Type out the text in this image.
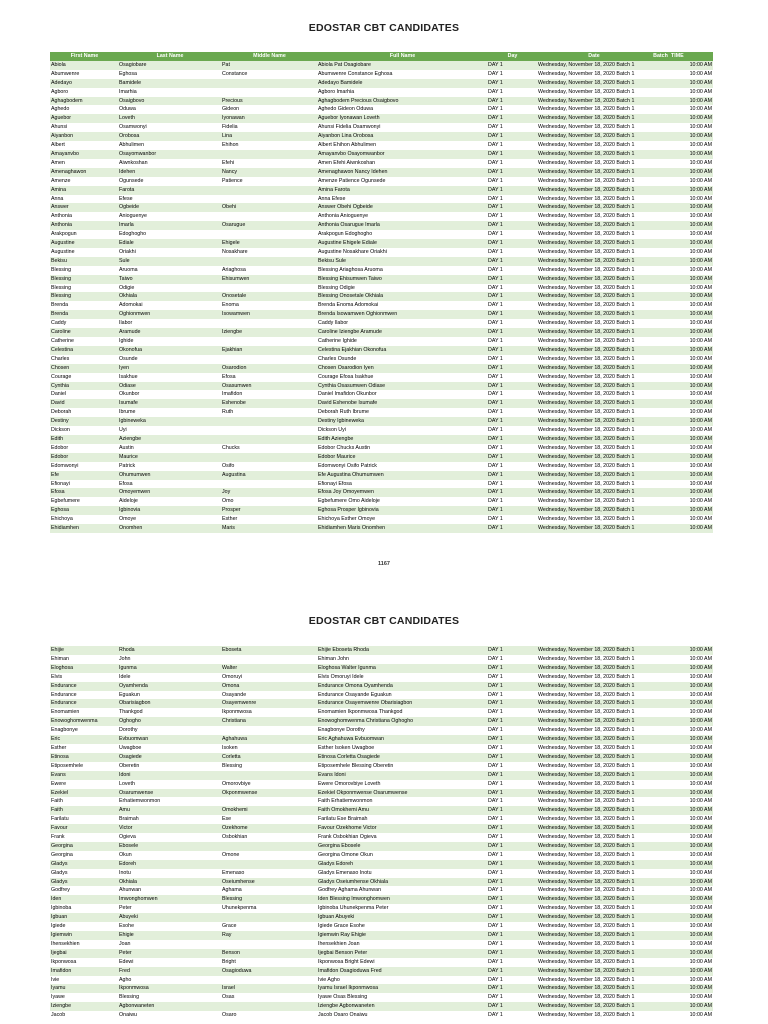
EDOSTAR CBT CANDIDATES
First Name	Last Name	Middle Name	Full Name	Day	Date	Batch	TIME
Abiola	Osagiobare	Pat	Abiola Pat Osagiobare	DAY 1	Wednesday, November 18, 2020 Batch 1		10:00 AM
Abumwenre	Eghosa	Constance	Abumwenre Constance Eghosa	DAY 1	Wednesday, November 18, 2020 Batch 1		10:00 AM
Adedayo	Bamidele		Adedayo Bamidele	DAY 1	Wednesday, November 18, 2020 Batch 1		10:00 AM
Agboro	Imarhia		Agboro Imarhia	DAY 1	Wednesday, November 18, 2020 Batch 1		10:00 AM
Aghagbodem	Osaigbovo	Precious	Aghagbodem Precious Osaigbovo	DAY 1	Wednesday, November 18, 2020 Batch 1		10:00 AM
Aghedo	Oduwa	Gideon	Aghedo Gideon Oduwa	DAY 1	Wednesday, November 18, 2020 Batch 1		10:00 AM
Aguebor	Loveth	Iyonawan	Aguebor Iyonawan Loveth	DAY 1	Wednesday, November 18, 2020 Batch 1		10:00 AM
Ahunsi	Osamwonyi	Fidelia	Ahunsi Fidelia Osamwonyi	DAY 1	Wednesday, November 18, 2020 Batch 1		10:00 AM
Aiyanbon	Orobosa	Lina	Aiyanbon Lina Orobosa	DAY 1	Wednesday, November 18, 2020 Batch 1		10:00 AM
Albert	Abhulimen	Ehihon	Albert Ehihon Abhulimen	DAY 1	Wednesday, November 18, 2020 Batch 1		10:00 AM
Amayanvbo	Osayomwanbor		Amayanvbo Osayomwanbor	DAY 1	Wednesday, November 18, 2020 Batch 1		10:00 AM
Amen	Aiwnkoshan	Efehi	Amen Efehi Aiwnkoshan	DAY 1	Wednesday, November 18, 2020 Batch 1		10:00 AM
Amenaghawon	Idehen	Nancy	Amenaghawon Nancy Idehen	DAY 1	Wednesday, November 18, 2020 Batch 1		10:00 AM
Amenze	Ogunsede	Patience	Amenze Patience Ogunsede	DAY 1	Wednesday, November 18, 2020 Batch 1		10:00 AM
Amina	Farota		Amina Farota	DAY 1	Wednesday, November 18, 2020 Batch 1		10:00 AM
Anna	Efese		Anna Efese	DAY 1	Wednesday, November 18, 2020 Batch 1		10:00 AM
Answer	Ogbeide	Obehi	Answer Obehi Ogbeide	DAY 1	Wednesday, November 18, 2020 Batch 1		10:00 AM
Anthonia	Anioguenye		Anthonia Anioguenye	DAY 1	Wednesday, November 18, 2020 Batch 1		10:00 AM
Anthonia	Imarla	Osarugue	Anthonia Osarugue Imarla	DAY 1	Wednesday, November 18, 2020 Batch 1		10:00 AM
Arakpogun	Edoghogho		Arakpogun Edoghogho	DAY 1	Wednesday, November 18, 2020 Batch 1		10:00 AM
Augustine	Ediale	Ehigele	Augustine Ehigele Ediale	DAY 1	Wednesday, November 18, 2020 Batch 1		10:00 AM
Augustine	Oriakhi	Nosakhare	Augustine Nosakhare Oriakhi	DAY 1	Wednesday, November 18, 2020 Batch 1		10:00 AM
Bekisu	Sule		Bekisu Sule	DAY 1	Wednesday, November 18, 2020 Batch 1		10:00 AM
Blessing	Aruoma	Ariaghosa	Blessing Ariaghosa Aruoma	DAY 1	Wednesday, November 18, 2020 Batch 1		10:00 AM
Blessing	Taiwo	Ehisumwen	Blessing Ehisumwen Taiwo	DAY 1	Wednesday, November 18, 2020 Batch 1		10:00 AM
Blessing	Odigie		Blessing Odigie	DAY 1	Wednesday, November 18, 2020 Batch 1		10:00 AM
Blessing	Okhiala	Onosetale	Blessing Onosetale Okhiala	DAY 1	Wednesday, November 18, 2020 Batch 1		10:00 AM
Brenda	Adomokai	Enoma	Brenda Enoma Adomokai	DAY 1	Wednesday, November 18, 2020 Batch 1		10:00 AM
Brenda	Oghionmwen	Isowamwen	Brenda Isowamwen Oghionmwen	DAY 1	Wednesday, November 18, 2020 Batch 1		10:00 AM
Caddy	Ilabor		Caddy Ilabor	DAY 1	Wednesday, November 18, 2020 Batch 1		10:00 AM
Caroline	Aramude	Iziengbe	Caroline Iziengbe Aramude	DAY 1	Wednesday, November 18, 2020 Batch 1		10:00 AM
Catherine	Ighide		Catherine Ighide	DAY 1	Wednesday, November 18, 2020 Batch 1		10:00 AM
Celestina	Okonofua	Ejakhian	Celestina Ejakhian Okonofua	DAY 1	Wednesday, November 18, 2020 Batch 1		10:00 AM
Charles	Osunde		Charles Osunde	DAY 1	Wednesday, November 18, 2020 Batch 1		10:00 AM
Chosen	Iyen	Osarodion	Chosen Osarodion Iyen	DAY 1	Wednesday, November 18, 2020 Batch 1		10:00 AM
Courage	Isakhue	Efosa	Courage Efosa Isakhue	DAY 1	Wednesday, November 18, 2020 Batch 1		10:00 AM
Cynthia	Odiase	Osasumwen	Cynthia Osasumwen Odiase	DAY 1	Wednesday, November 18, 2020 Batch 1		10:00 AM
Daniel	Okunbor	Imafidon	Daniel Imafidon Okunbor	DAY 1	Wednesday, November 18, 2020 Batch 1		10:00 AM
David	Isumafe	Eshenobe	David Eshenobe Isumafe	DAY 1	Wednesday, November 18, 2020 Batch 1		10:00 AM
Deborah	Ibrume	Ruth	Deborah Ruth Ibrume	DAY 1	Wednesday, November 18, 2020 Batch 1		10:00 AM
Destiny	Igbineweka		Destiny Igbineweka	DAY 1	Wednesday, November 18, 2020 Batch 1		10:00 AM
Dickson	Uyi		Dickson Uyi	DAY 1	Wednesday, November 18, 2020 Batch 1		10:00 AM
Edith	Aziengbe		Edith Aziengbe	DAY 1	Wednesday, November 18, 2020 Batch 1		10:00 AM
Edobor	Austin	Chucks	Edobor Chucks Austin	DAY 1	Wednesday, November 18, 2020 Batch 1		10:00 AM
Edobor	Maurice		Edobor Maurice	DAY 1	Wednesday, November 18, 2020 Batch 1		10:00 AM
Edomwonyi	Patrick	Osifo	Edomwonyi Osifo Patrick	DAY 1	Wednesday, November 18, 2020 Batch 1		10:00 AM
Efe	Ohumumwen	Augustina	Efe Augustina Ohumumwen	DAY 1	Wednesday, November 18, 2020 Batch 1		10:00 AM
Efionayi	Efosa		Efionayi Efosa	DAY 1	Wednesday, November 18, 2020 Batch 1		10:00 AM
Efosa	Omoyemwen	Joy	Efosa Joy Omoyemwen	DAY 1	Wednesday, November 18, 2020 Batch 1		10:00 AM
Egbefumere	Aideloje	Omo	Egbefumere Omo Aideloje	DAY 1	Wednesday, November 18, 2020 Batch 1		10:00 AM
Eghosa	Igbinovia	Prosper	Eghosa Prosper Igbinovia	DAY 1	Wednesday, November 18, 2020 Batch 1		10:00 AM
Ehichoya	Omoye	Esther	Ehichoya Esther Omoye	DAY 1	Wednesday, November 18, 2020 Batch 1		10:00 AM
Ehidiamhen	Onomhen	Maris	Ehidiamhen Maris Onomhen	DAY 1	Wednesday, November 18, 2020 Batch 1		10:00 AM
1167
EDOSTAR CBT CANDIDATES
Ehijie	Rhoda	Eboseta	Ehijie Eboseta Rhoda	DAY 1	Wednesday, November 18, 2020 Batch 1		10:00 AM
Ehiman	John		Ehiman John	DAY 1	Wednesday, November 18, 2020 Batch 1		10:00 AM
Eloghosa	Igunma	Walter	Eloghosa Walter Igunma	DAY 1	Wednesday, November 18, 2020 Batch 1		10:00 AM
Elvis	Idele	Omoruyi	Elvis Omoruyi Idele	DAY 1	Wednesday, November 18, 2020 Batch 1		10:00 AM
Endurance	Oyamhenda	Omona	Endurance Omona Oyamhenda	DAY 1	Wednesday, November 18, 2020 Batch 1		10:00 AM
Endurance	Eguakun	Osayande	Endurance Osayande Eguakun	DAY 1	Wednesday, November 18, 2020 Batch 1		10:00 AM
Endurance	Obarisiagbon	Osayemwenre	Endurance Osayemwenre Obarisiagbon	DAY 1	Wednesday, November 18, 2020 Batch 1		10:00 AM
Enomamien	Thankgod	Ikponmwosa	Enomamien Ikponmwosa Thankgod	DAY 1	Wednesday, November 18, 2020 Batch 1		10:00 AM
Enowoghomwenma	Oghogho	Christiana	Enowoghomwenma Christiana Oghogho	DAY 1	Wednesday, November 18, 2020 Batch 1		10:00 AM
Enagbonye	Dorothy		Enagbonye Dorothy	DAY 1	Wednesday, November 18, 2020 Batch 1		10:00 AM
Eric	Evbuomwan	Aghahuwa	Eric Aghahuwa Evbuomwan	DAY 1	Wednesday, November 18, 2020 Batch 1		10:00 AM
Esther	Uwagboe	Isoken	Esther Isoken Uwagboe	DAY 1	Wednesday, November 18, 2020 Batch 1		10:00 AM
Etinosa	Osagiede	Corletta	Etinosa Corletta Osagiede	DAY 1	Wednesday, November 18, 2020 Batch 1		10:00 AM
Etiposemhele	Oberetin	Blessing	Etiposemhele Blessing Oberetin	DAY 1	Wednesday, November 18, 2020 Batch 1		10:00 AM
Evans	Idoni		Evans Idoni	DAY 1	Wednesday, November 18, 2020 Batch 1		10:00 AM
Ewere	Loveth	Omorovbiye	Ewere Omorovbiye Loveth	DAY 1	Wednesday, November 18, 2020 Batch 1		10:00 AM
Ezekiel	Osarumwense	Okponmwense	Ezekiel Okponmwense Osarumwense	DAY 1	Wednesday, November 18, 2020 Batch 1		10:00 AM
Faith	Erhatiemwonmon		Faith Erhatiemwonmon	DAY 1	Wednesday, November 18, 2020 Batch 1		10:00 AM
Faith	Amu	Omokhemi	Faith Omokhemi Amu	DAY 1	Wednesday, November 18, 2020 Batch 1		10:00 AM
Farilatu	Braimah	Ese	Farilatu Ese Braimah	DAY 1	Wednesday, November 18, 2020 Batch 1		10:00 AM
Favour	Victor	Ozekhome	Favour Ozekhome Victor	DAY 1	Wednesday, November 18, 2020 Batch 1		10:00 AM
Frank	Ogieva	Osbokhian	Frank Osbokhian Ogieva	DAY 1	Wednesday, November 18, 2020 Batch 1		10:00 AM
Georgina	Ebosele		Georgina Ebosele	DAY 1	Wednesday, November 18, 2020 Batch 1		10:00 AM
Georgina	Okun	Omone	Georgina Omone Okun	DAY 1	Wednesday, November 18, 2020 Batch 1		10:00 AM
Gladys	Edoreh		Gladys Edoreh	DAY 1	Wednesday, November 18, 2020 Batch 1		10:00 AM
Gladys	Inotu	Emenaso	Gladys Emenaso Inotu	DAY 1	Wednesday, November 18, 2020 Batch 1		10:00 AM
Gladys	Okhiala	Oseiumhense	Gladys Oseiumhense Okhiala	DAY 1	Wednesday, November 18, 2020 Batch 1		10:00 AM
Godfrey	Ahunwan	Aghama	Godfrey Aghama Ahunwan	DAY 1	Wednesday, November 18, 2020 Batch 1		10:00 AM
Iden	Imwonghomwen	Blessing	Iden Blessing Imwonghomwen	DAY 1	Wednesday, November 18, 2020 Batch 1		10:00 AM
Igbinoba	Peter	Uhunekpenma	Igbinoba Uhunekpenma Peter	DAY 1	Wednesday, November 18, 2020 Batch 1		10:00 AM
Igbuan	Abuyeki		Igbuan Abuyeki	DAY 1	Wednesday, November 18, 2020 Batch 1		10:00 AM
Igiede	Esohe	Grace	Igiede Grace Esohe	DAY 1	Wednesday, November 18, 2020 Batch 1		10:00 AM
Igiemwin	Ehigie	Ray	Igiemwin Ray Ehigie	DAY 1	Wednesday, November 18, 2020 Batch 1		10:00 AM
Ihensekhien	Joan		Ihensekhien Joan	DAY 1	Wednesday, November 18, 2020 Batch 1		10:00 AM
Ijegbai	Peter	Benson	Ijegbai Benson Peter	DAY 1	Wednesday, November 18, 2020 Batch 1		10:00 AM
Ikponwosa	Edewi	Bright	Ikponwosa Bright Edewi	DAY 1	Wednesday, November 18, 2020 Batch 1		10:00 AM
Imafidon	Fred	Osagioduwa	Imafidon Osagioduwa Fred	DAY 1	Wednesday, November 18, 2020 Batch 1		10:00 AM
Ivie	Agho		Ivie Agho	DAY 1	Wednesday, November 18, 2020 Batch 1		10:00 AM
Iyamu	Ikponmwosa	Israel	Iyamu Israel Ikponmwosa	DAY 1	Wednesday, November 18, 2020 Batch 1		10:00 AM
Iyawe	Blessing	Osas	Iyawe Osas Blessing	DAY 1	Wednesday, November 18, 2020 Batch 1		10:00 AM
Iziengbe	Agbonwaneten		Iziengbe Agbonwaneten	DAY 1	Wednesday, November 18, 2020 Batch 1		10:00 AM
Jacob	Onaiwu	Osaro	Jacob Osaro Onaiwu	DAY 1	Wednesday, November 18, 2020 Batch 1		10:00 AM
